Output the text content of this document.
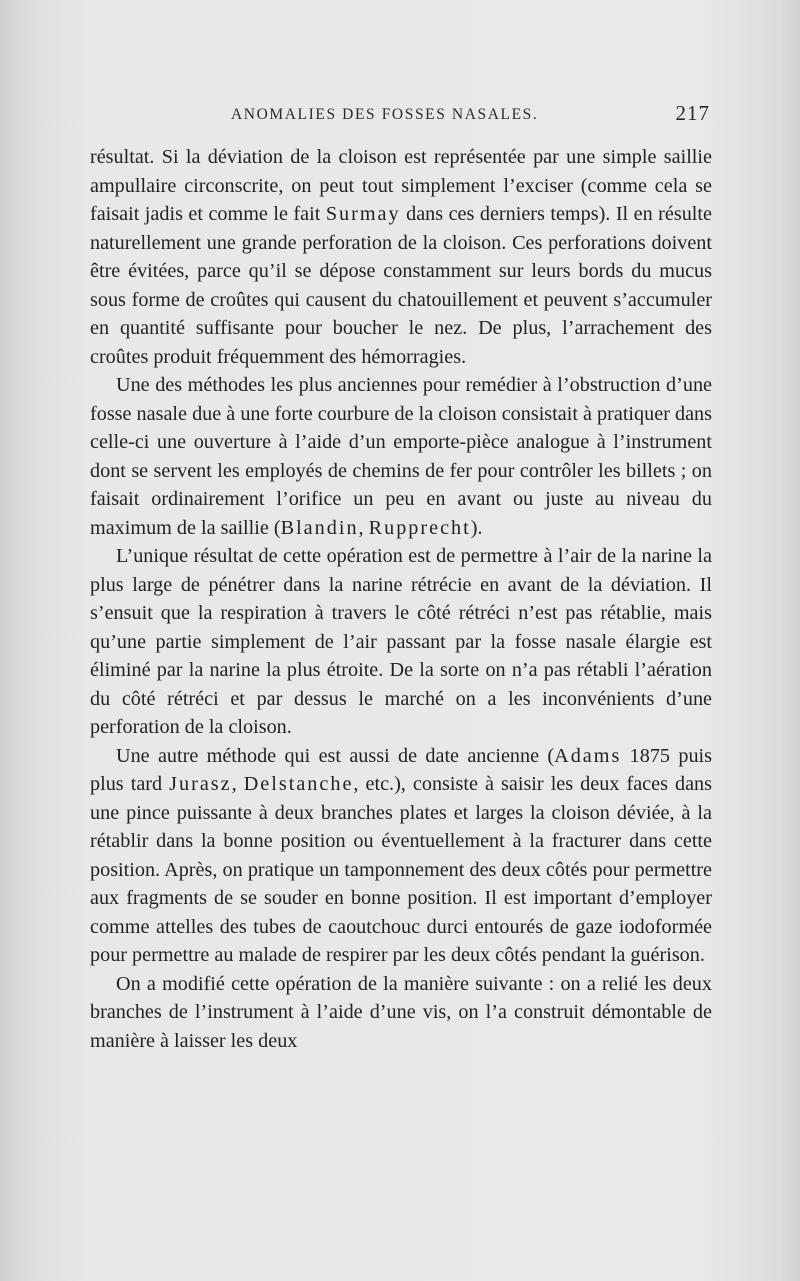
ANOMALIES DES FOSSES NASALES.	217

résultat. Si la déviation de la cloison est représentée par une simple saillie ampullaire circonscrite, on peut tout simplement l’exciser (comme cela se faisait jadis et comme le fait Surmay dans ces derniers temps). Il en résulte naturellement une grande perforation de la cloison. Ces perforations doivent être évitées, parce qu’il se dépose constamment sur leurs bords du mucus sous forme de croûtes qui causent du chatouillement et peuvent s’accumuler en quantité suffisante pour boucher le nez. De plus, l’arrachement des croûtes produit fréquemment des hémorragies.

Une des méthodes les plus anciennes pour remédier à l’obstruction d’une fosse nasale due à une forte courbure de la cloison consistait à pratiquer dans celle-ci une ouverture à l’aide d’un emporte-pièce analogue à l’instrument dont se servent les employés de chemins de fer pour contrôler les billets ; on faisait ordinairement l’orifice un peu en avant ou juste au niveau du maximum de la saillie (Blandin, Rupprecht).

L’unique résultat de cette opération est de permettre à l’air de la narine la plus large de pénétrer dans la narine rétrécie en avant de la déviation. Il s’ensuit que la respiration à travers le côté rétréci n’est pas rétablie, mais qu’une partie simplement de l’air passant par la fosse nasale élargie est éliminé par la narine la plus étroite. De la sorte on n’a pas rétabli l’aération du côté rétréci et par dessus le marché on a les inconvénients d’une perforation de la cloison.

Une autre méthode qui est aussi de date ancienne (Adams 1875 puis plus tard Jurasz, Delstanche, etc.), consiste à saisir les deux faces dans une pince puissante à deux branches plates et larges la cloison déviée, à la rétablir dans la bonne position ou éventuellement à la fracturer dans cette position. Après, on pratique un tamponnement des deux côtés pour permettre aux fragments de se souder en bonne position. Il est important d’employer comme attelles des tubes de caoutchouc durci entourés de gaze iodoformée pour permettre au malade de respirer par les deux côtés pendant la guérison.

On a modifié cette opération de la manière suivante : on a relié les deux branches de l’instrument à l’aide d’une vis, on l’a construit démontable de manière à laisser les deux
